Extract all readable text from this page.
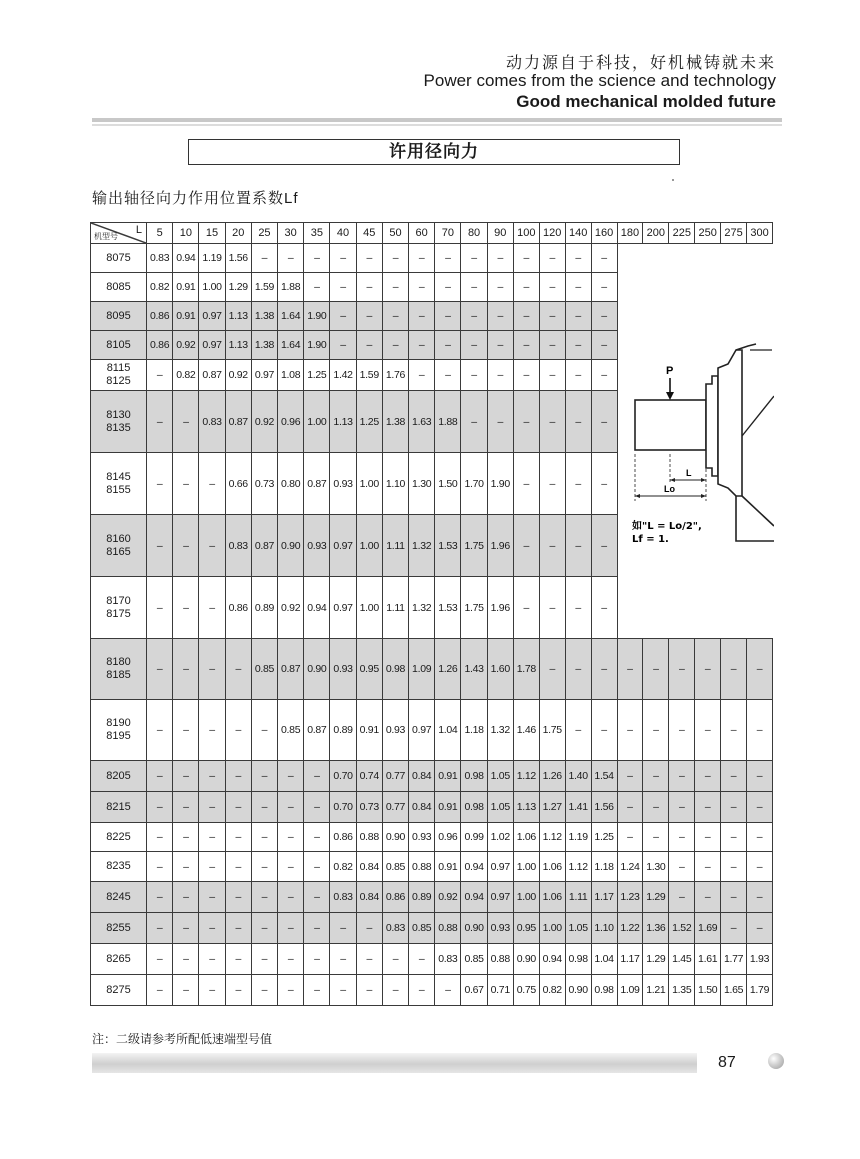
动力源自于科技，好机械铸就未来
Power comes from the science and technology
Good mechanical molded future
许用径向力
输出轴径向力作用位置系数Lf
L
机型号	5	10	15	20	25	30	35	40	45	50	60	70	80	90	100	120	140	160	180	200	225	250	275	300

8075	0.83	0.94	1.19	1.56	–	–	–	–	–	–	–	–	–	–	–	–	–	–						

8085	0.82	0.91	1.00	1.29	1.59	1.88	–	–	–	–	–	–	–	–	–	–	–	–						

8095	0.86	0.91	0.97	1.13	1.38	1.64	1.90	–	–	–	–	–	–	–	–	–	–	–						

8105	0.86	0.92	0.97	1.13	1.38	1.64	1.90	–	–	–	–	–	–	–	–	–	–	–						

8115
8125	–	0.82	0.87	0.92	0.97	1.08	1.25	1.42	1.59	1.76	–	–	–	–	–	–	–	–						

8130
8135	–	–	0.83	0.87	0.92	0.96	1.00	1.13	1.25	1.38	1.63	1.88	–	–	–	–	–	–						

8145
8155	–	–	–	0.66	0.73	0.80	0.87	0.93	1.00	1.10	1.30	1.50	1.70	1.90	–	–	–	–						

8160
8165	–	–	–	0.83	0.87	0.90	0.93	0.97	1.00	1.11	1.32	1.53	1.75	1.96	–	–	–	–						

8170
8175	–	–	–	0.86	0.89	0.92	0.94	0.97	1.00	1.11	1.32	1.53	1.75	1.96	–	–	–	–						

8180
8185	–	–	–	–	0.85	0.87	0.90	0.93	0.95	0.98	1.09	1.26	1.43	1.60	1.78	–	–	–	–	–	–	–	–	–

8190
8195	–	–	–	–	–	0.85	0.87	0.89	0.91	0.93	0.97	1.04	1.18	1.32	1.46	1.75	–	–	–	–	–	–	–	–

8205	–	–	–	–	–	–	–	0.70	0.74	0.77	0.84	0.91	0.98	1.05	1.12	1.26	1.40	1.54	–	–	–	–	–	–

8215	–	–	–	–	–	–	–	0.70	0.73	0.77	0.84	0.91	0.98	1.05	1.13	1.27	1.41	1.56	–	–	–	–	–	–

8225	–	–	–	–	–	–	–	0.86	0.88	0.90	0.93	0.96	0.99	1.02	1.06	1.12	1.19	1.25	–	–	–	–	–	–

8235	–	–	–	–	–	–	–	0.82	0.84	0.85	0.88	0.91	0.94	0.97	1.00	1.06	1.12	1.18	1.24	1.30	–	–	–	–

8245	–	–	–	–	–	–	–	0.83	0.84	0.86	0.89	0.92	0.94	0.97	1.00	1.06	1.11	1.17	1.23	1.29	–	–	–	–

8255	–	–	–	–	–	–	–	–	–	0.83	0.85	0.88	0.90	0.93	0.95	1.00	1.05	1.10	1.22	1.36	1.52	1.69	–	–

8265	–	–	–	–	–	–	–	–	–	–	–	0.83	0.85	0.88	0.90	0.94	0.98	1.04	1.17	1.29	1.45	1.61	1.77	1.93

8275	–	–	–	–	–	–	–	–	–	–	–	–	0.67	0.71	0.75	0.82	0.90	0.98	1.09	1.21	1.35	1.50	1.65	1.79
P
L
Lo
如"L = Lo/2",
Lf = 1.
注：二级请参考所配低速端型号值
87
